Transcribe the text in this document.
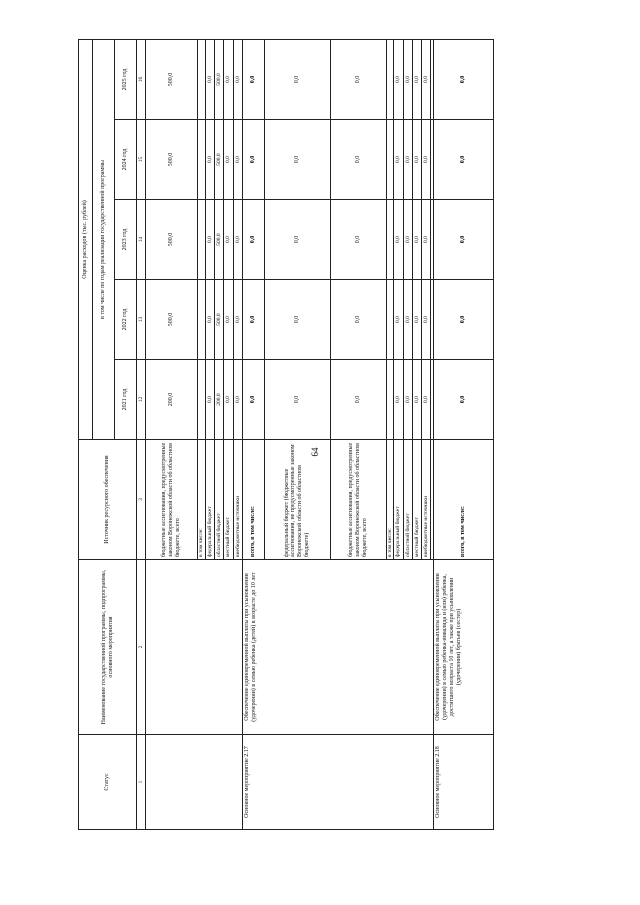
64
Статус	Наименование государственной программы, подпрограммы, основного мероприятия	Источник ресурсного обеспечения	Оценка расходов (тыс. рублей)				
			в том числе по годам реализации государственной программы				
			2021 год	2022 год	2023 год	2024 год	2025 год
1	2	3	12	13	14	15	16
		бюджетные ассигнования, предусмотренные законом Воронежской области об областном бюджете, всего	200,0	500,0	500,0	500,0	500,0
		в том числе:					
		федеральный бюджет	0,0	0,0	0,0	0,0	0,0
		областной бюджет	200,0	500,0	500,0	500,0	500,0
		местный бюджет	0,0	0,0	0,0	0,0	0,0
		внебюджетные источники	0,0	0,0	0,0	0,0	0,0
Основное мероприятие 2.17	Обеспечение единовременной выплаты при усыновлении (удочерении) в семью ребенка (детей) в возрасте до 10 лет	всего, в том числе:	0,0	0,0	0,0	0,0	0,0
		федеральный бюджет (бюджетные ассигнования, не предусмотренные законом Воронежской области об областном бюджете)	0,0	0,0	0,0	0,0	0,0
		бюджетные ассигнования, предусмотренные законом Воронежской области об областном бюджете, всего	0,0	0,0	0,0	0,0	0,0
		в том числе:					
		федеральный бюджет	0,0	0,0	0,0	0,0	0,0
		областной бюджет	0,0	0,0	0,0	0,0	0,0
		местный бюджет	0,0	0,0	0,0	0,0	0,0
		внебюджетные источники	0,0	0,0	0,0	0,0	0,0

Основное мероприятие 2.18	Обеспечение единовременной выплаты при усыновлении (удочерении) в семью ребенка-инвалида и (или) ребенка, достигшего возраста 10 лет, а также при усыновлении (удочерении) братьев (сестер)	всего, в том числе:	0,0	0,0	0,0	0,0	0,0
